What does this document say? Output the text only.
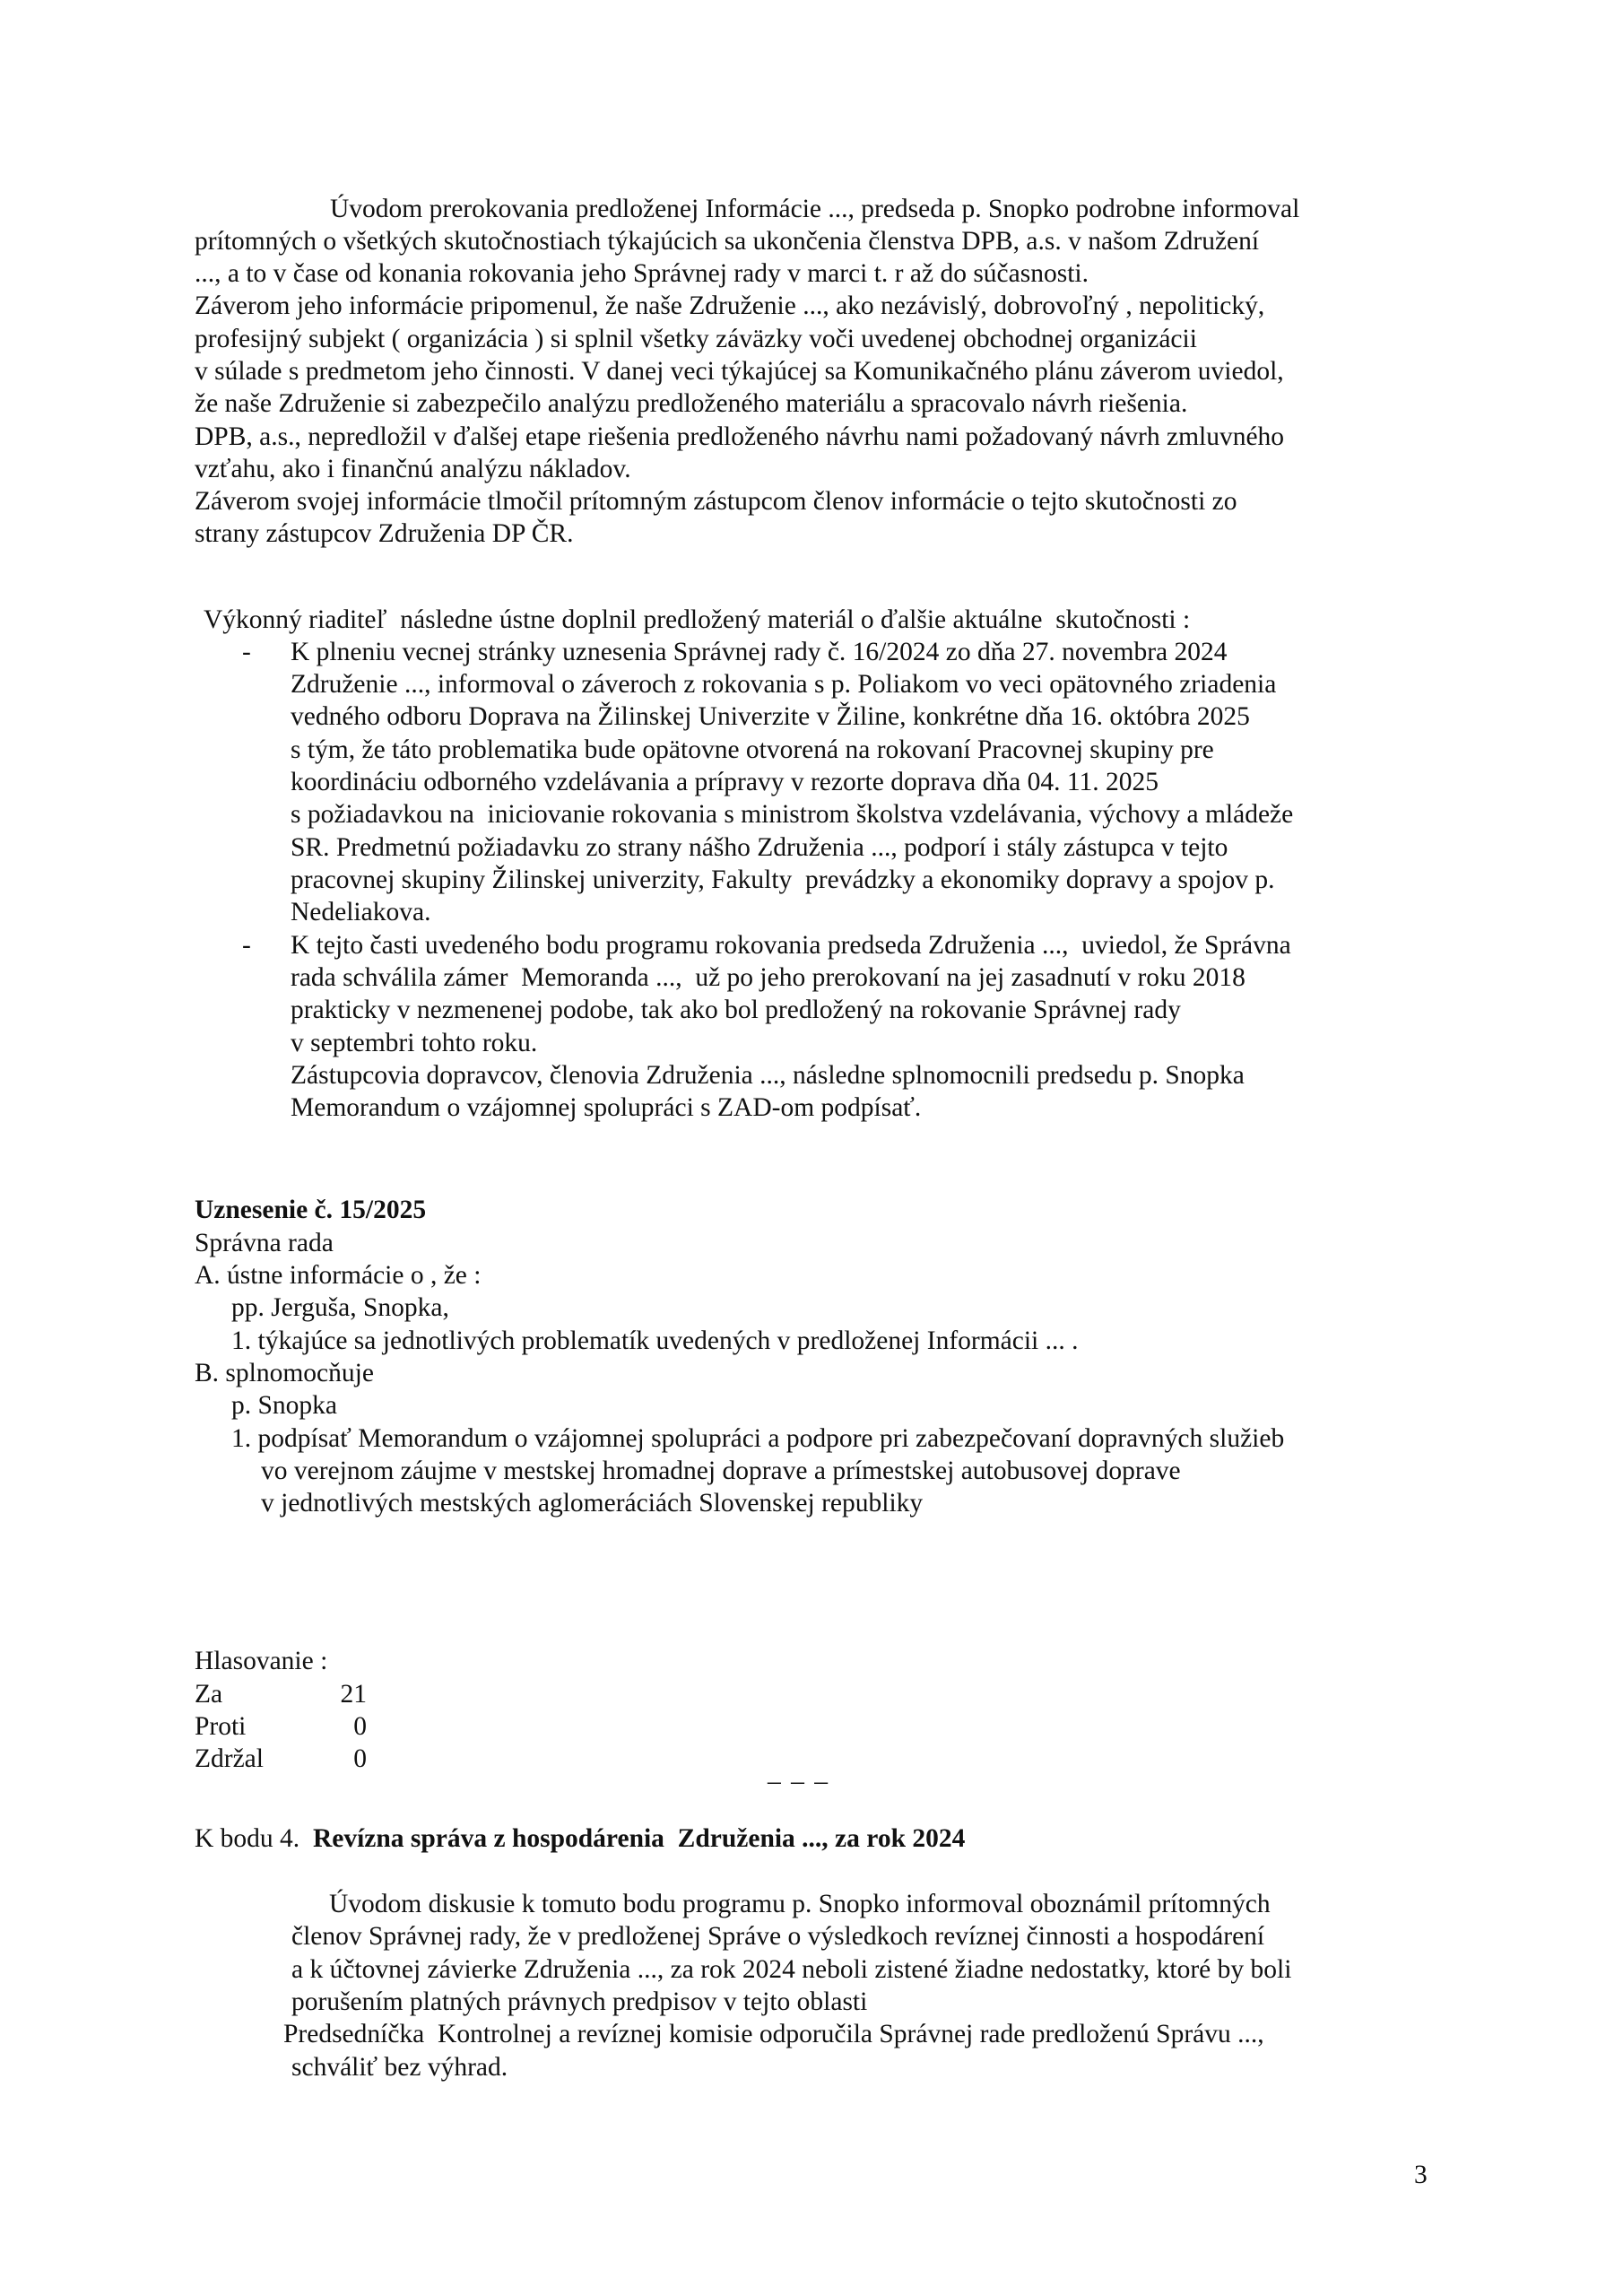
Úvodom prerokovania predloženej Informácie ..., predseda p. Snopko podrobne informoval
prítomných o všetkých skutočnostiach týkajúcich sa ukončenia členstva DPB, a.s. v našom Združení
..., a to v čase od konania rokovania jeho Správnej rady v marci t. r až do súčasnosti.
Záverom jeho informácie pripomenul, že naše Združenie ..., ako nezávislý, dobrovoľný , nepolitický,
profesijný subjekt ( organizácia ) si splnil všetky záväzky voči uvedenej obchodnej organizácii
v súlade s predmetom jeho činnosti. V danej veci týkajúcej sa Komunikačného plánu záverom uviedol,
že naše Združenie si zabezpečilo analýzu predloženého materiálu a spracovalo návrh riešenia.
DPB, a.s., nepredložil v ďalšej etape riešenia predloženého návrhu nami požadovaný návrh zmluvného
vzťahu, ako i finančnú analýzu nákladov.
Záverom svojej informácie tlmočil prítomným zástupcom členov informácie o tejto skutočnosti zo
strany zástupcov Združenia DP ČR.
Výkonný riaditeľ  následne ústne doplnil predložený materiál o ďalšie aktuálne  skutočnosti :
- K plneniu vecnej stránky uznesenia Správnej rady č. 16/2024 zo dňa 27. novembra 2024
Združenie ..., informoval o záveroch z rokovania s p. Poliakom vo veci opätovného zriadenia
vedného odboru Doprava na Žilinskej Univerzite v Žiline, konkrétne dňa 16. októbra 2025
s tým, že táto problematika bude opätovne otvorená na rokovaní Pracovnej skupiny pre
koordináciu odborného vzdelávania a prípravy v rezorte doprava dňa 04. 11. 2025
s požiadavkou na  iniciovanie rokovania s ministrom školstva vzdelávania, výchovy a mládeže
SR. Predmetnú požiadavku zo strany nášho Združenia ..., podporí i stály zástupca v tejto
pracovnej skupiny Žilinskej univerzity, Fakulty  prevádzky a ekonomiky dopravy a spojov p.
Nedeliakova.
- K tejto časti uvedeného bodu programu rokovania predseda Združenia ...,  uviedol, že Správna
rada schválila zámer  Memoranda ...,  už po jeho prerokovaní na jej zasadnutí v roku 2018
prakticky v nezmenenej podobe, tak ako bol predložený na rokovanie Správnej rady
v septembri tohto roku.
Zástupcovia dopravcov, členovia Združenia ..., následne splnomocnili predsedu p. Snopka
Memorandum o vzájomnej spolupráci s ZAD-om podpísať.
Uznesenie č. 15/2025
Správna rada
A. ústne informácie o , že :
pp. Jerguša, Snopka,
1. týkajúce sa jednotlivých problematík uvedených v predloženej Informácii ... .
B. splnomocňuje
p. Snopka
1. podpísať Memorandum o vzájomnej spolupráci a podpore pri zabezpečovaní dopravných služieb
vo verejnom záujme v mestskej hromadnej doprave a prímestskej autobusovej doprave
v jednotlivých mestských aglomeráciách Slovenskej republiky
Hlasovanie :
Za	21
Proti	0
Zdržal	0	_ _ _
K bodu 4. Revízna správa z hospodárenia  Združenia ..., za rok 2024
Úvodom diskusie k tomuto bodu programu p. Snopko informoval oboznámil prítomných
členov Správnej rady, že v predloženej Správe o výsledkoch revíznej činnosti a hospodárení
a k účtovnej závierke Združenia ..., za rok 2024 neboli zistené žiadne nedostatky, ktoré by boli
porušením platných právnych predpisov v tejto oblasti
Predsedníčka  Kontrolnej a revíznej komisie odporučila Správnej rade predloženú Správu ...,
schváliť bez výhrad.
3
